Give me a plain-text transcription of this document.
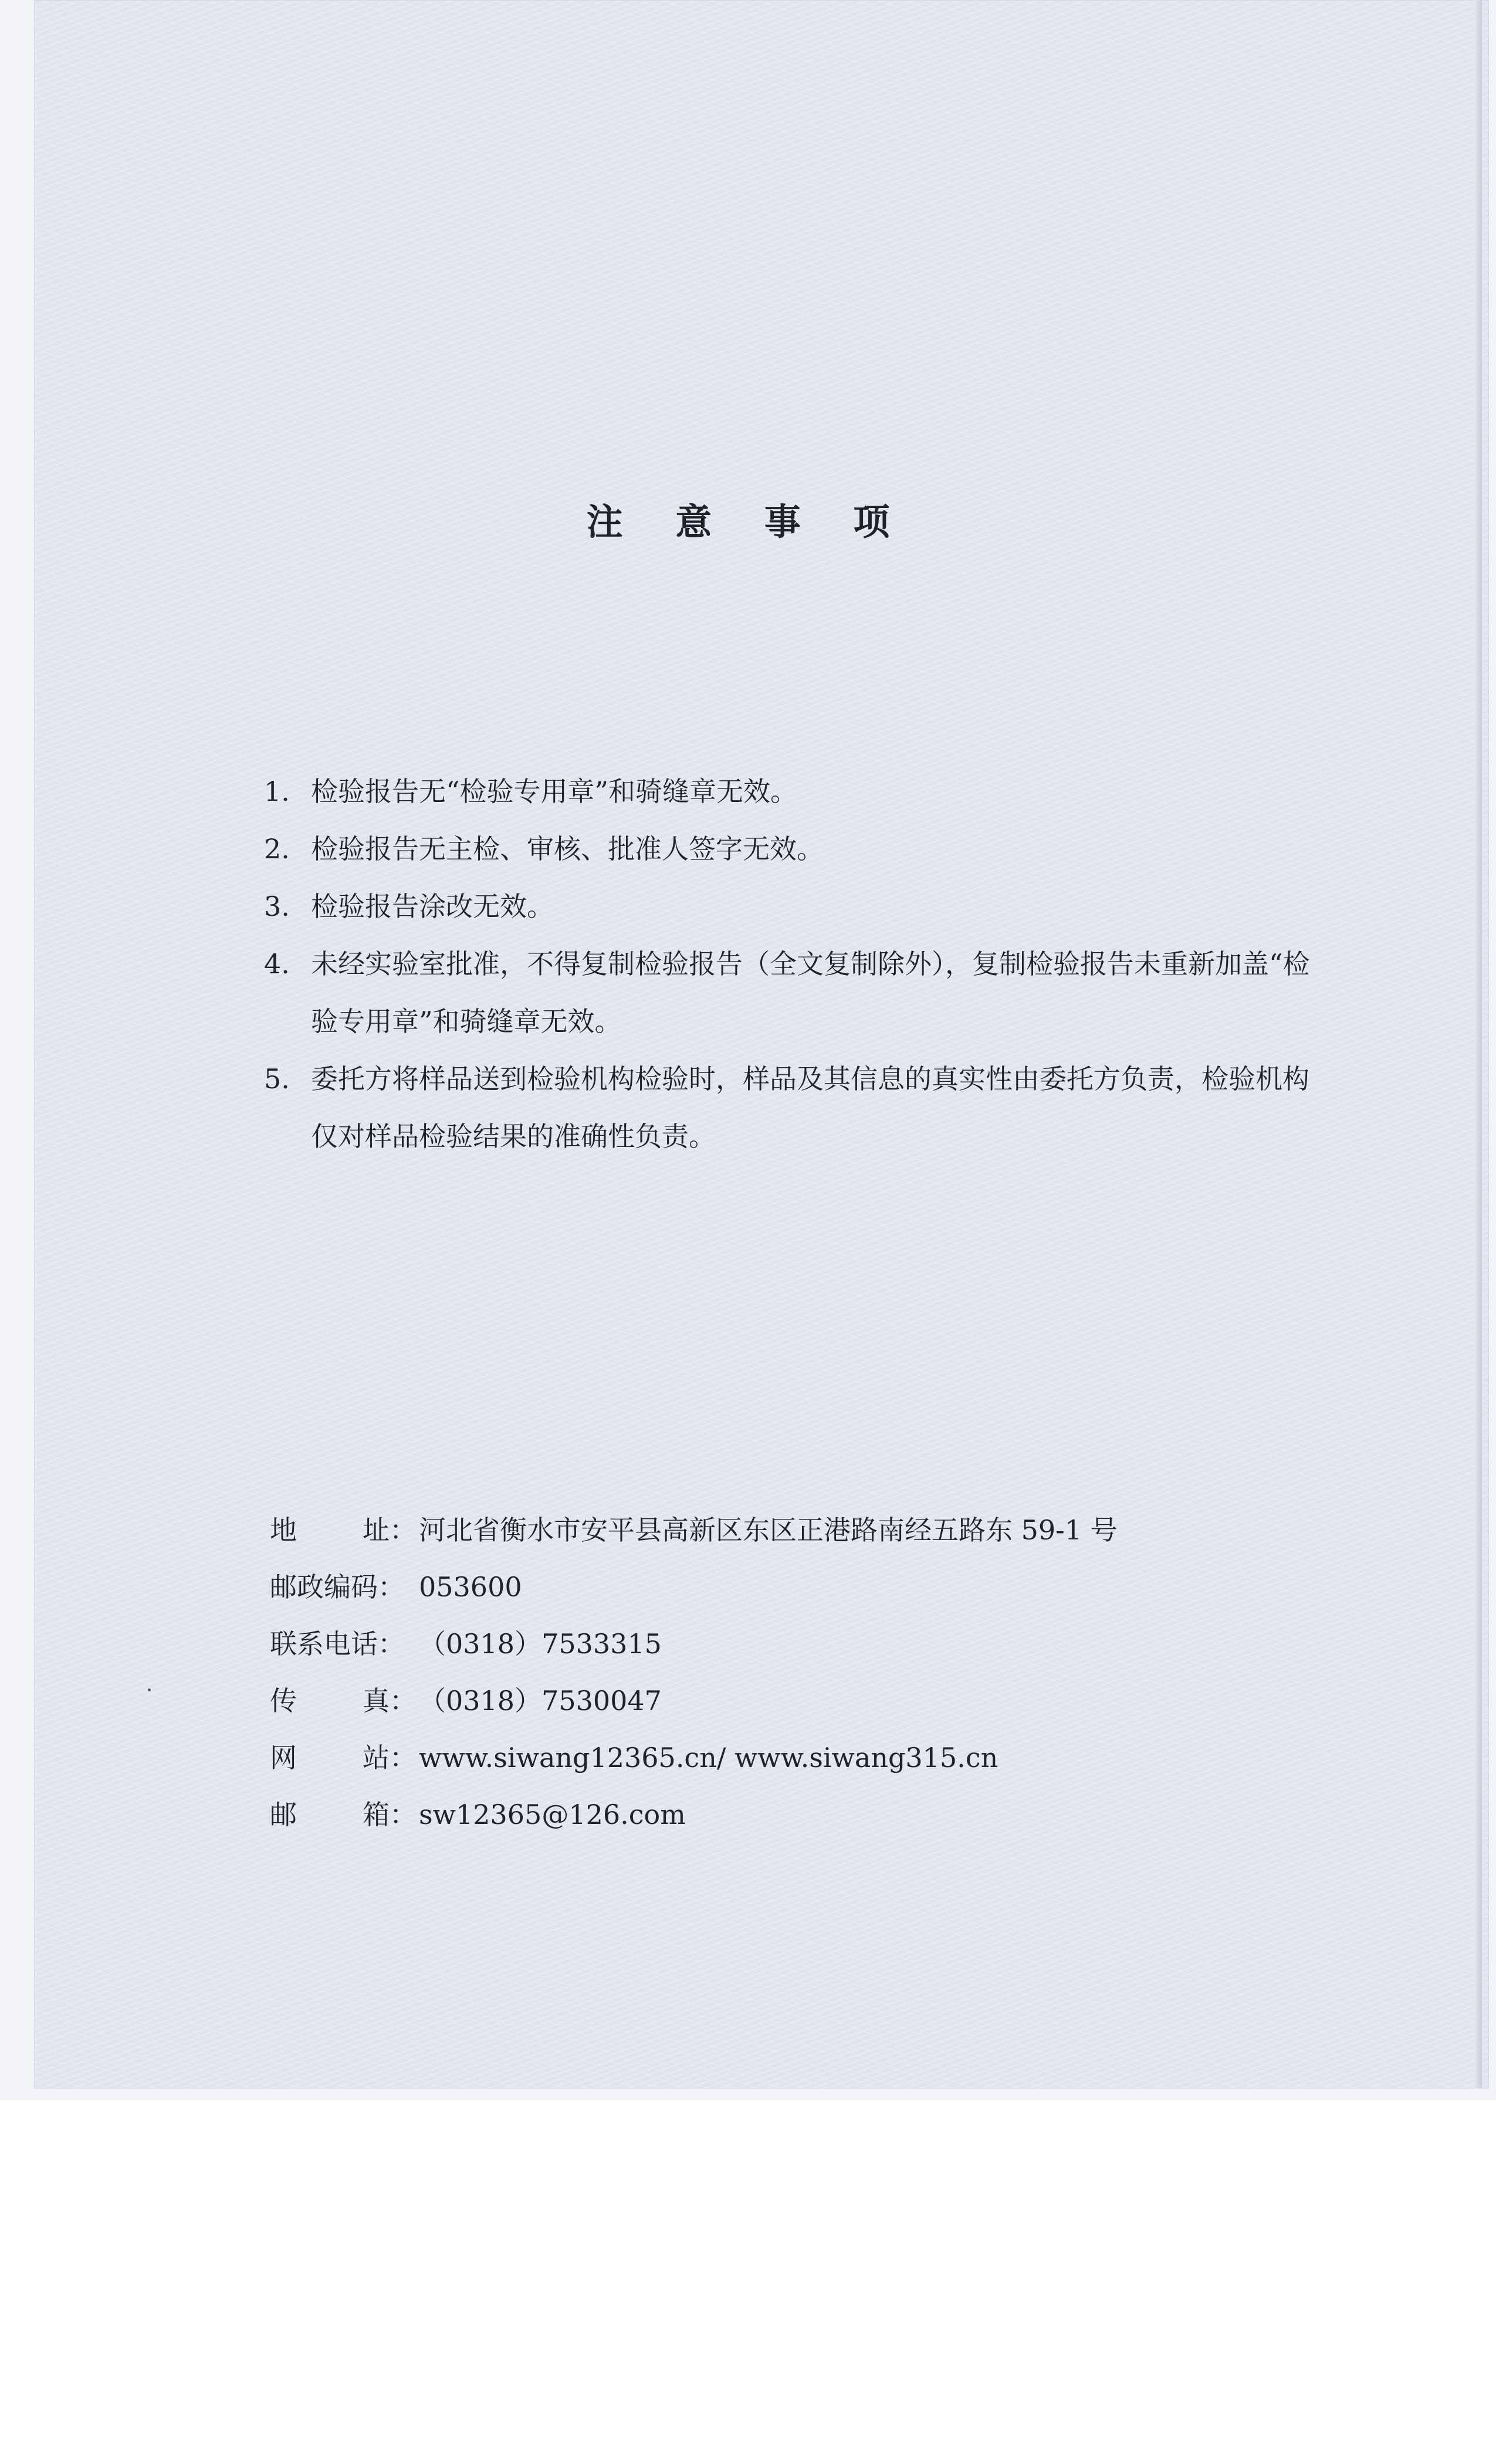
注 意 事 项
1. 检验报告无“检验专用章”和骑缝章无效。
2. 检验报告无主检、审核、批准人签字无效。
3. 检验报告涂改无效。
4. 未经实验室批准，不得复制检验报告（全文复制除外），复制检验报告未重新加盖“检验专用章”和骑缝章无效。
5. 委托方将样品送到检验机构检验时，样品及其信息的真实性由委托方负责，检验机构仅对样品检验结果的准确性负责。
地 址： 河北省衡水市安平县高新区东区正港路南经五路东 59-1 号
邮政编码： 053600
联系电话： （0318）7533315
传 真： （0318）7530047
网 站： www.siwang12365.cn/ www.siwang315.cn
邮 箱： sw12365@126.com
